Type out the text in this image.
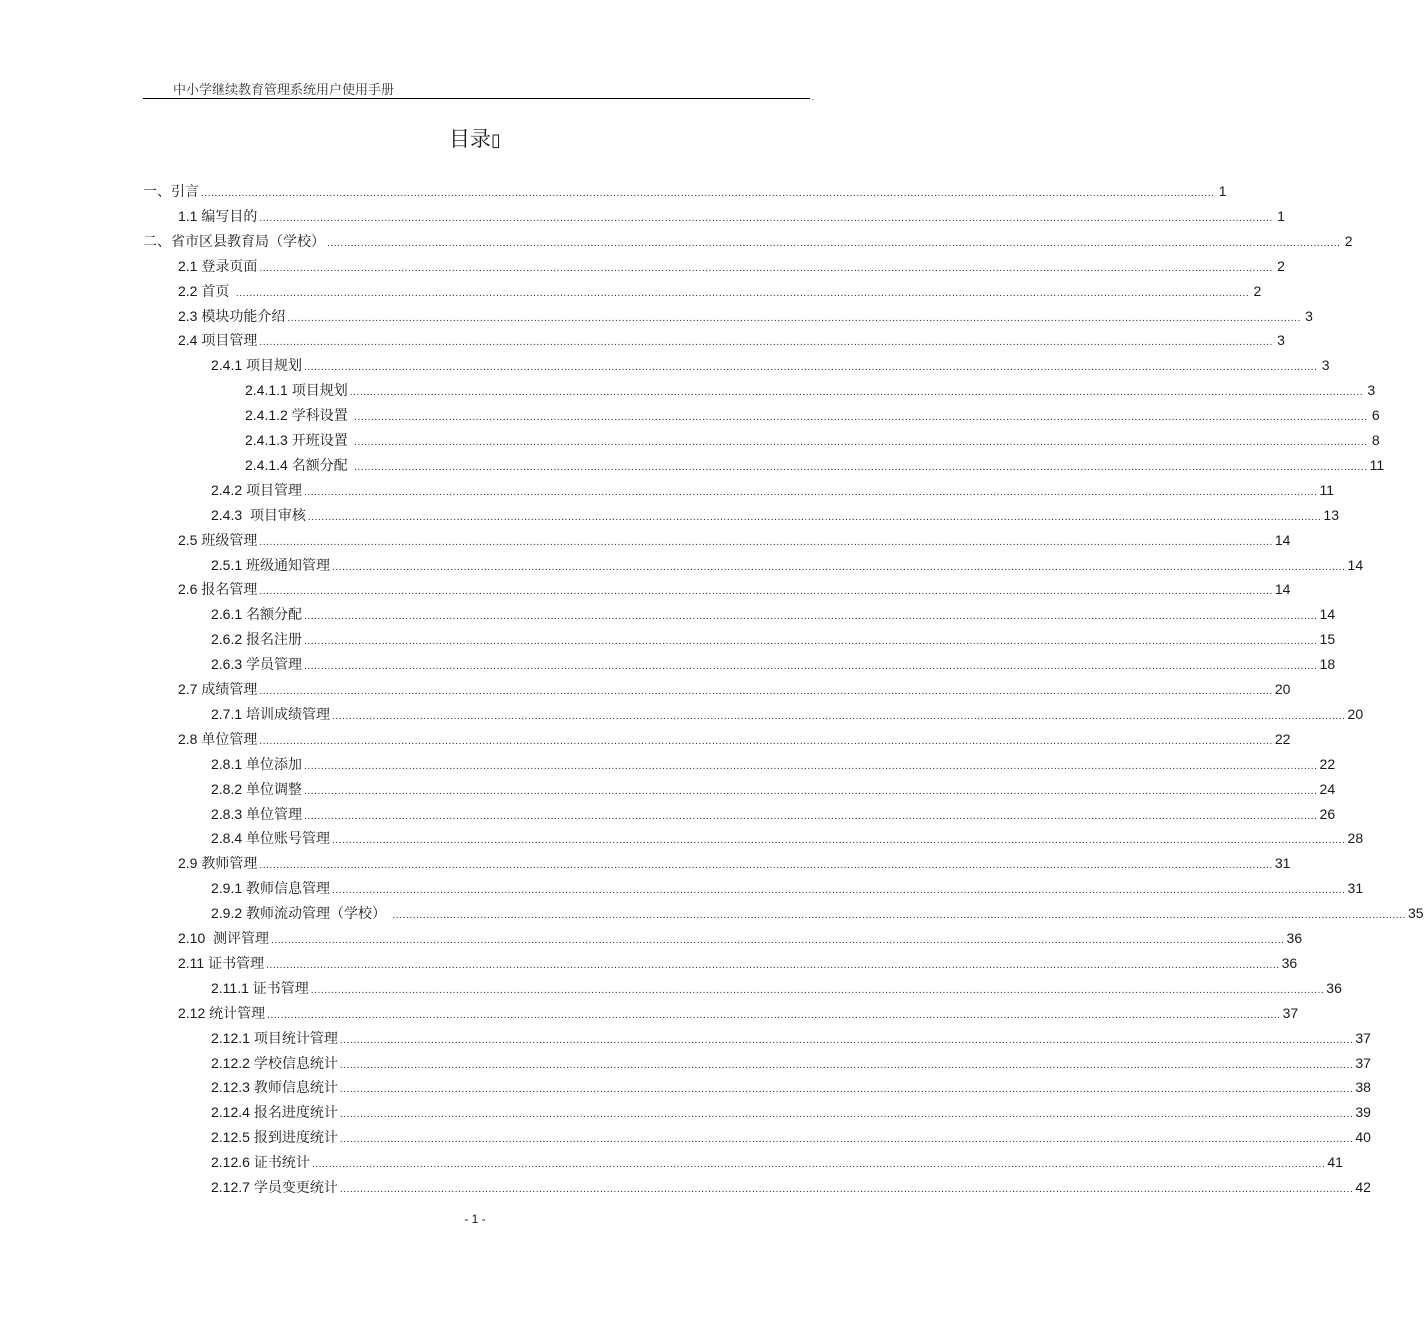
中小学继续教育管理系统用户使用手册	.
目录▯
一、 引言 ............................................................................................................................................................................................................................................................................................................ 1
1.1 编写目的 ............................................................................................................................................................................................................................................................................................................ 1
二、 省市区县教育局（学校） ............................................................................................................................................................................................................................................................................................................ 2
2.1 登录页面 ............................................................................................................................................................................................................................................................................................................ 2
2.2 首页 ............................................................................................................................................................................................................................................................................................................ 2
2.3 模块功能介绍 ............................................................................................................................................................................................................................................................................................................ 3
2.4 项目管理 ............................................................................................................................................................................................................................................................................................................ 3
2.4.1 项目规划 ............................................................................................................................................................................................................................................................................................................ 3
2.4.1.1 项目规划 ............................................................................................................................................................................................................................................................................................................ 3
2.4.1.2 学科设置 ............................................................................................................................................................................................................................................................................................................ 6
2.4.1.3 开班设置 ............................................................................................................................................................................................................................................................................................................ 8
2.4.1.4 名额分配 ............................................................................................................................................................................................................................................................................................................ 11
2.4.2 项目管理 ............................................................................................................................................................................................................................................................................................................ 11
2.4.3 项目审核 ............................................................................................................................................................................................................................................................................................................ 13
2.5 班级管理 ............................................................................................................................................................................................................................................................................................................ 14
2.5.1 班级通知管理 ............................................................................................................................................................................................................................................................................................................ 14
2.6 报名管理 ............................................................................................................................................................................................................................................................................................................ 14
2.6.1 名额分配 ............................................................................................................................................................................................................................................................................................................ 14
2.6.2 报名注册 ............................................................................................................................................................................................................................................................................................................ 15
2.6.3 学员管理 ............................................................................................................................................................................................................................................................................................................ 18
2.7 成绩管理 ............................................................................................................................................................................................................................................................................................................ 20
2.7.1 培训成绩管理 ............................................................................................................................................................................................................................................................................................................ 20
2.8 单位管理 ............................................................................................................................................................................................................................................................................................................ 22
2.8.1 单位添加 ............................................................................................................................................................................................................................................................................................................ 22
2.8.2 单位调整 ............................................................................................................................................................................................................................................................................................................ 24
2.8.3 单位管理 ............................................................................................................................................................................................................................................................................................................ 26
2.8.4 单位账号管理 ............................................................................................................................................................................................................................................................................................................ 28
2.9 教师管理 ............................................................................................................................................................................................................................................................................................................ 31
2.9.1 教师信息管理 ............................................................................................................................................................................................................................................................................................................ 31
2.9.2 教师流动管理（学校） ............................................................................................................................................................................................................................................................................................................ 35
2.10 测评管理 ............................................................................................................................................................................................................................................................................................................ 36
2.11 证书管理 ............................................................................................................................................................................................................................................................................................................ 36
2.11.1 证书管理 ............................................................................................................................................................................................................................................................................................................ 36
2.12 统计管理 ............................................................................................................................................................................................................................................................................................................ 37
2.12.1 项目统计管理 ............................................................................................................................................................................................................................................................................................................ 37
2.12.2 学校信息统计 ............................................................................................................................................................................................................................................................................................................ 37
2.12.3 教师信息统计 ............................................................................................................................................................................................................................................................................................................ 38
2.12.4 报名进度统计 ............................................................................................................................................................................................................................................................................................................ 39
2.12.5 报到进度统计 ............................................................................................................................................................................................................................................................................................................ 40
2.12.6 证书统计 ............................................................................................................................................................................................................................................................................................................ 41
2.12.7 学员变更统计 ............................................................................................................................................................................................................................................................................................................ 42
- 1 -
